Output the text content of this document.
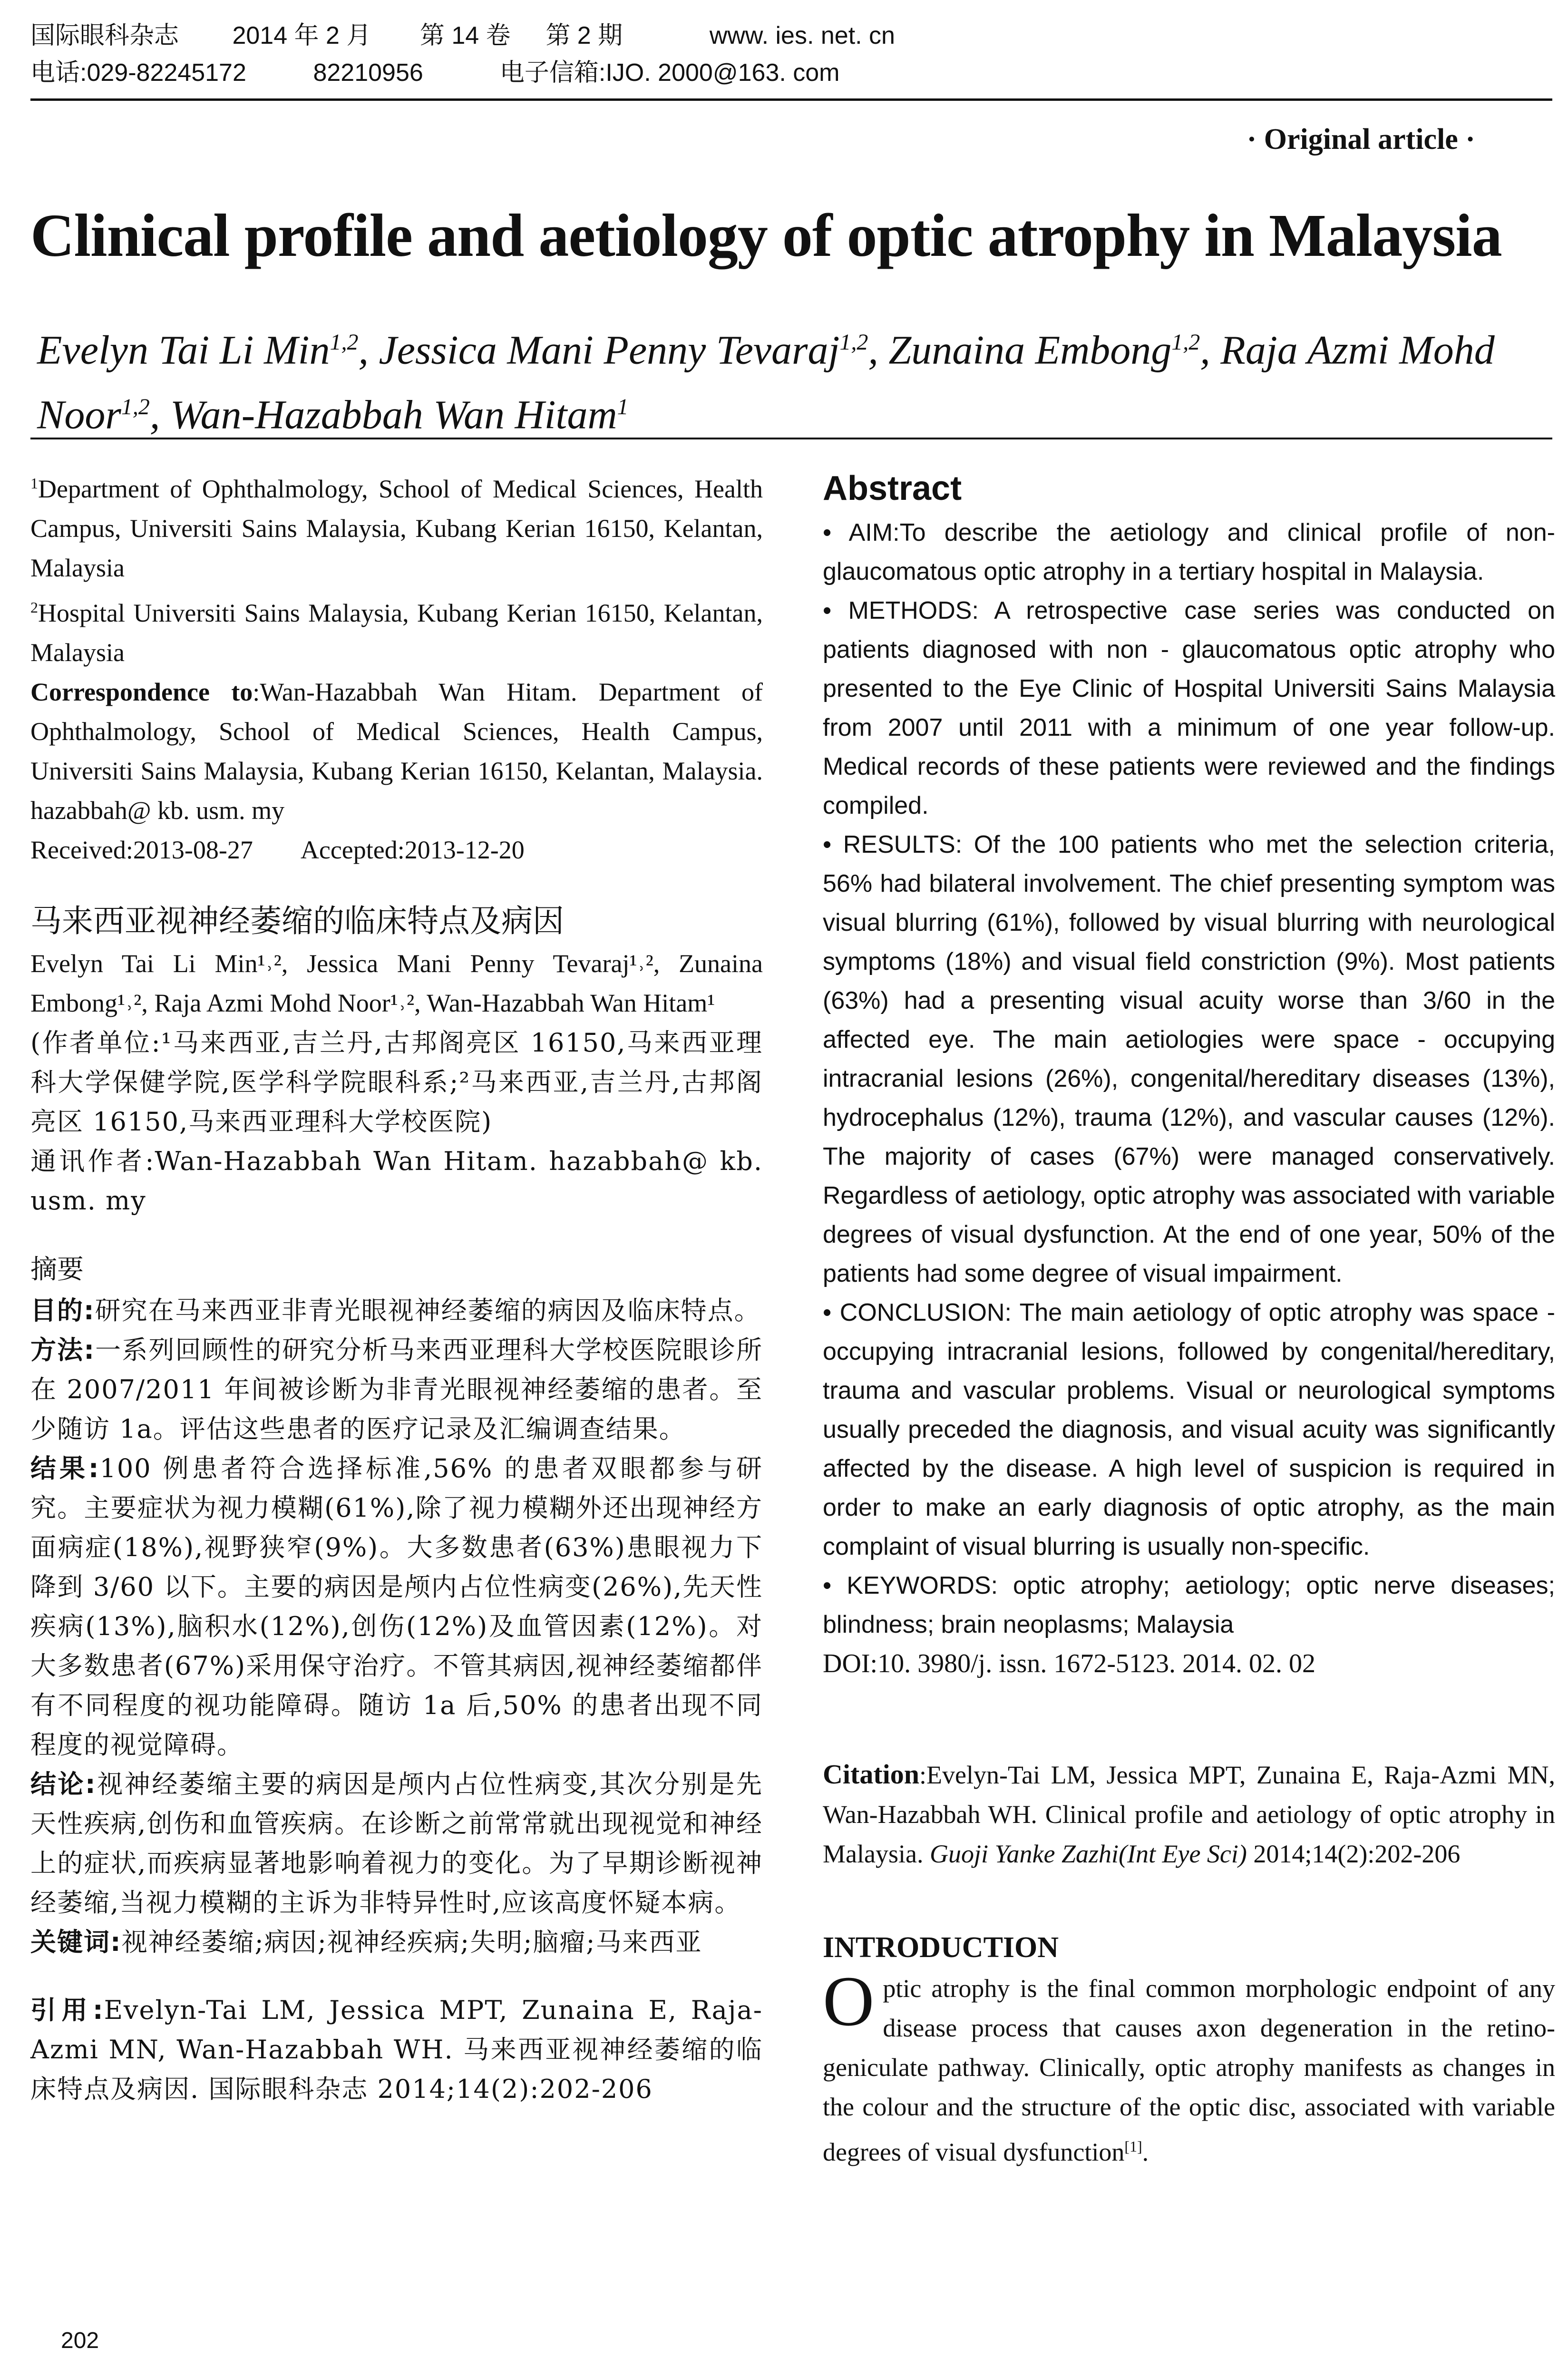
国际眼科杂志 2014 年 2 月 第 14 卷 第 2 期	www. ies. net. cn
电话:029-82245172	82210956	电子信箱:IJO. 2000@163. com
· Original article ·
Clinical profile and aetiology of optic atrophy in Malaysia
Evelyn Tai Li Min$^{1,2}$, Jessica Mani Penny Tevaraj$^{1,2}$, Zunaina Embong$^{1,2}$, Raja Azmi Mohd Noor$^{1,2}$, Wan-Hazabbah Wan Hitam$^1$
$^1$Department of Ophthalmology, School of Medical Sciences, Health Campus, Universiti Sains Malaysia, Kubang Kerian 16150, Kelantan, Malaysia
$^2$Hospital Universiti Sains Malaysia, Kubang Kerian 16150, Kelantan, Malaysia
Correspondence to:Wan-Hazabbah Wan Hitam. Department of Ophthalmology, School of Medical Sciences, Health Campus, Universiti Sains Malaysia, Kubang Kerian 16150, Kelantan, Malaysia. hazabbah@ kb. usm. my
Received:2013-08-27 Accepted:2013-12-20
马来西亚视神经萎缩的临床特点及病因
Evelyn Tai Li Min¹˒², Jessica Mani Penny Tevaraj¹˒², Zunaina Embong¹˒², Raja Azmi Mohd Noor¹˒², Wan-Hazabbah Wan Hitam¹
(作者单位:¹马来西亚,吉兰丹,古邦阁亮区 16150,马来西亚理科大学保健学院,医学科学院眼科系;²马来西亚,吉兰丹,古邦阁亮区 16150,马来西亚理科大学校医院)
通讯作者:Wan-Hazabbah Wan Hitam. hazabbah@ kb. usm. my
摘要
目的:研究在马来西亚非青光眼视神经萎缩的病因及临床特点。
方法:一系列回顾性的研究分析马来西亚理科大学校医院眼诊所在 2007/2011 年间被诊断为非青光眼视神经萎缩的患者。至少随访 1a。评估这些患者的医疗记录及汇编调查结果。
结果:100 例患者符合选择标准,56% 的患者双眼都参与研究。主要症状为视力模糊(61%),除了视力模糊外还出现神经方面病症(18%),视野狭窄(9%)。大多数患者(63%)患眼视力下降到 3/60 以下。主要的病因是颅内占位性病变(26%),先天性疾病(13%),脑积水(12%),创伤(12%)及血管因素(12%)。对大多数患者(67%)采用保守治疗。不管其病因,视神经萎缩都伴有不同程度的视功能障碍。随访 1a 后,50% 的患者出现不同程度的视觉障碍。
结论:视神经萎缩主要的病因是颅内占位性病变,其次分别是先天性疾病,创伤和血管疾病。在诊断之前常常就出现视觉和神经上的症状,而疾病显著地影响着视力的变化。为了早期诊断视神经萎缩,当视力模糊的主诉为非特异性时,应该高度怀疑本病。
关键词:视神经萎缩;病因;视神经疾病;失明;脑瘤;马来西亚
引用:Evelyn-Tai LM, Jessica MPT, Zunaina E, Raja-Azmi MN, Wan-Hazabbah WH. 马来西亚视神经萎缩的临床特点及病因. 国际眼科杂志 2014;14(2):202-206
Abstract
• AIM:To describe the aetiology and clinical profile of non-glaucomatous optic atrophy in a tertiary hospital in Malaysia.
• METHODS: A retrospective case series was conducted on patients diagnosed with non - glaucomatous optic atrophy who presented to the Eye Clinic of Hospital Universiti Sains Malaysia from 2007 until 2011 with a minimum of one year follow-up. Medical records of these patients were reviewed and the findings compiled.
• RESULTS: Of the 100 patients who met the selection criteria, 56% had bilateral involvement. The chief presenting symptom was visual blurring (61%), followed by visual blurring with neurological symptoms (18%) and visual field constriction (9%). Most patients (63%) had a presenting visual acuity worse than 3/60 in the affected eye. The main aetiologies were space - occupying intracranial lesions (26%), congenital/hereditary diseases (13%), hydrocephalus (12%), trauma (12%), and vascular causes (12%). The majority of cases (67%) were managed conservatively. Regardless of aetiology, optic atrophy was associated with variable degrees of visual dysfunction. At the end of one year, 50% of the patients had some degree of visual impairment.
• CONCLUSION: The main aetiology of optic atrophy was space - occupying intracranial lesions, followed by congenital/hereditary, trauma and vascular problems. Visual or neurological symptoms usually preceded the diagnosis, and visual acuity was significantly affected by the disease. A high level of suspicion is required in order to make an early diagnosis of optic atrophy, as the main complaint of visual blurring is usually non-specific.
• KEYWORDS: optic atrophy; aetiology; optic nerve diseases; blindness; brain neoplasms; Malaysia
DOI:10. 3980/j. issn. 1672-5123. 2014. 02. 02
Citation:Evelyn-Tai LM, Jessica MPT, Zunaina E, Raja-Azmi MN, Wan-Hazabbah WH. Clinical profile and aetiology of optic atrophy in Malaysia. Guoji Yanke Zazhi(Int Eye Sci) 2014;14(2):202-206
INTRODUCTION
Optic atrophy is the final common morphologic endpoint of any disease process that causes axon degeneration in the retino-geniculate pathway. Clinically, optic atrophy manifests as changes in the colour and the structure of the optic disc, associated with variable degrees of visual dysfunction[1].
202
